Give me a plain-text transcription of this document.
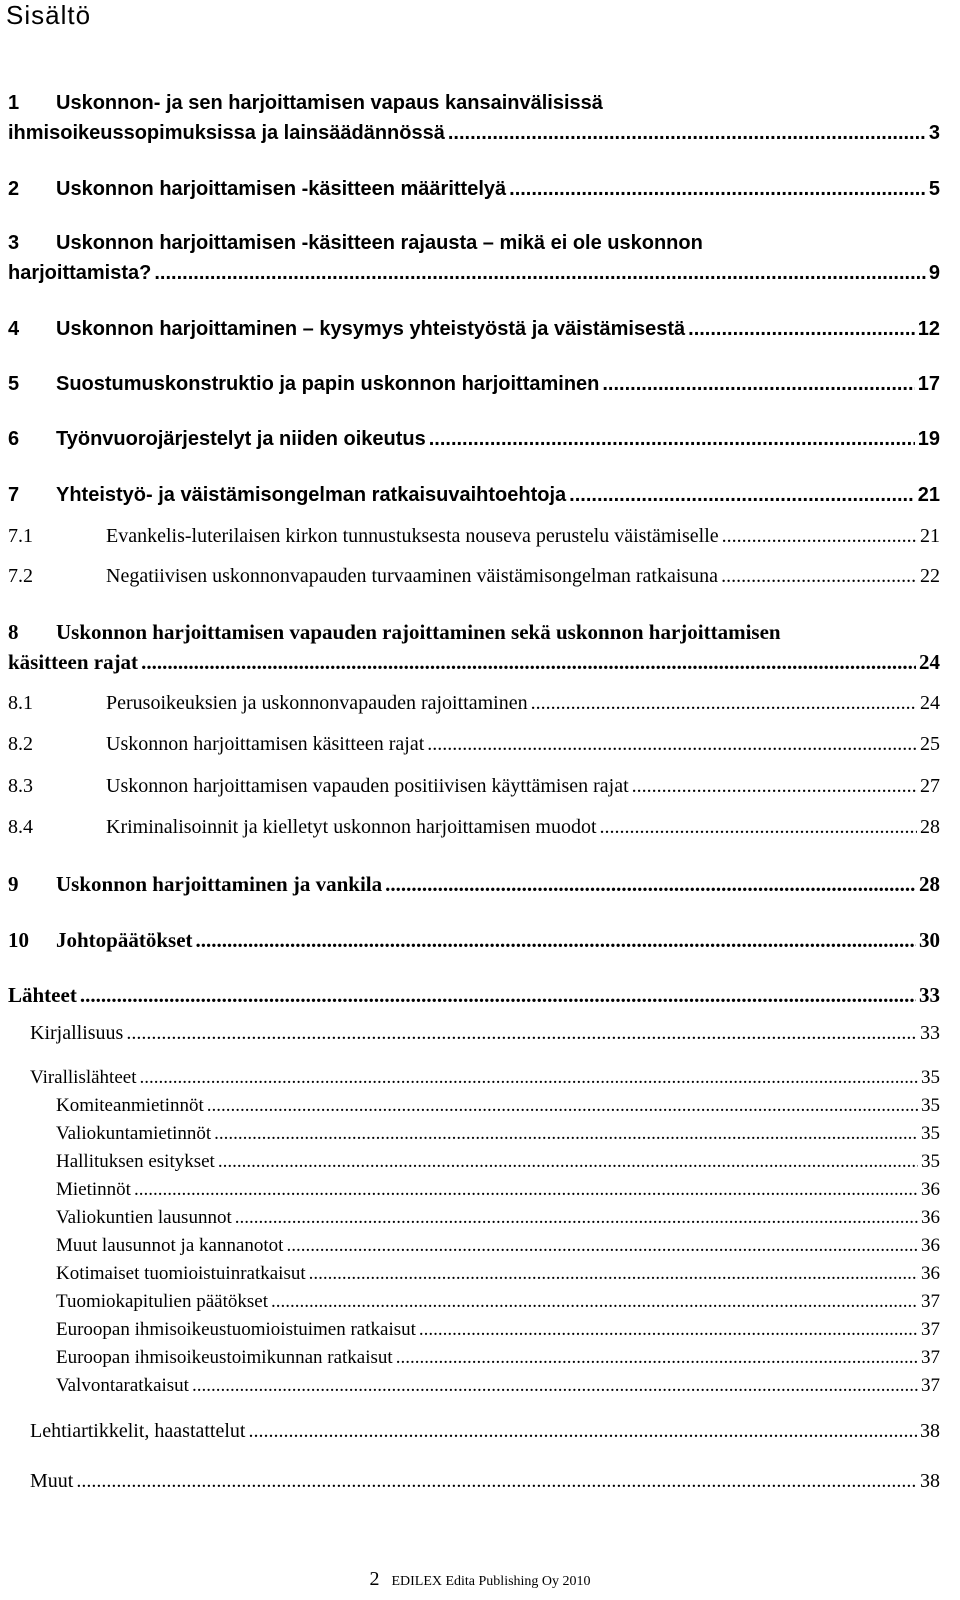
Sisältö
1 Uskonnon- ja sen harjoittamisen vapaus kansainvälisissä
ihmisoikeussopimuksissa ja lainsäädännössä .....	3
2 Uskonnon harjoittamisen -käsitteen määrittelyä .....	5
3 Uskonnon harjoittamisen -käsitteen rajausta – mikä ei ole uskonnon
harjoittamista? .....	9
4 Uskonnon harjoittaminen – kysymys yhteistyöstä ja väistämisestä .....	12
5 Suostumuskonstruktio ja papin uskonnon harjoittaminen .....	17
6 Työnvuorojärjestelyt ja niiden oikeutus .....	19
7 Yhteistyö- ja väistämisongelman ratkaisuvaihtoehtoja .....	21
7.1	Evankelis-luterilaisen kirkon tunnustuksesta nouseva perustelu väistämiselle .....	21
7.2	Negatiivisen uskonnonvapauden turvaaminen väistämisongelman ratkaisuna .....	22
8 Uskonnon harjoittamisen vapauden rajoittaminen sekä uskonnon harjoittamisen
käsitteen rajat .....	24
8.1	Perusoikeuksien ja uskonnonvapauden rajoittaminen .....	24
8.2	Uskonnon harjoittamisen käsitteen rajat .....	25
8.3	Uskonnon harjoittamisen vapauden positiivisen käyttämisen rajat .....	27
8.4	Kriminalisoinnit ja kielletyt uskonnon harjoittamisen muodot .....	28
9 Uskonnon harjoittaminen ja vankila .....	28
10 Johtopäätökset .....	30
Lähteet .....	33
Kirjallisuus .....	33
Virallislähteet .....	35
Komiteanmietinnöt .....	35
Valiokuntamietinnöt .....	35
Hallituksen esitykset .....	35
Mietinnöt .....	36
Valiokuntien lausunnot .....	36
Muut lausunnot ja kannanotot .....	36
Kotimaiset tuomioistuinratkaisut .....	36
Tuomiokapitulien päätökset .....	37
Euroopan ihmisoikeustuomioistuimen ratkaisut .....	37
Euroopan ihmisoikeustoimikunnan ratkaisut .....	37
Valvontaratkaisut .....	37
Lehtiartikkelit, haastattelut .....	38
Muut .....	38
2 EDILEX Edita Publishing Oy 2010
